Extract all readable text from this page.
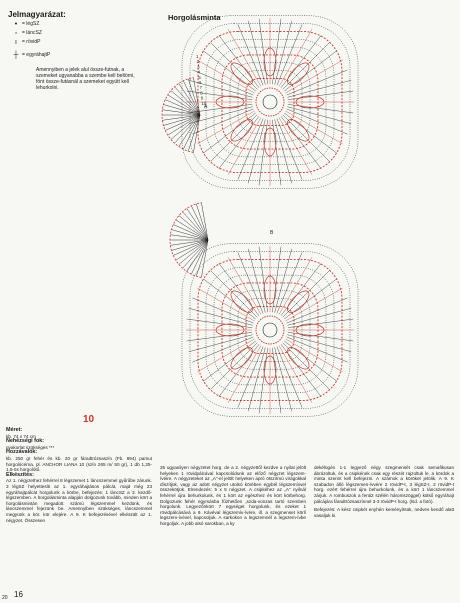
1
2
3
4
5
6
7
8
9
10
A
B
Jelmagyarázat:
• = légSZ
◦ = láncSZ
ı	= rövidP
┼ = egyráhajtP
Amennyiben a jelek alul össze-futnak, a szemeket ugyanabba a szembe kell beltörni, fönt össze-futásnál a szemeket együtt kell lehurkolni.
Horgolásminta
10
Méret:
kb. 74 x 74 cm
Nehézségi fok:
gyakorlat szükséges ***
Hozzávalók:
kb. 250 gr fehér és kb. 20 gr fáradtrózsaszín (Fb. 894) pamut horgolócérna, pl. ANCHOR LIANA 10 (szín 265 m/ 50 gr), 1 db 1,25-1,5-ös horgolótű.
Elkészítés:
Az 1. négyzethez fehérrel 8 légszemet 1 láncszemmel gyűrűbe zárunk. 3 légSZ helyettesíti az 1. egyráhajtásos pálcát, majd még 23 egyráhajtpálcát horgolunk a körbe, befejezés: 1 láncSZ a 3. kezdő-légszemben. A horgolásminta alapján dolgozunk tovább, minden kört a horgolásmintán megadott számú légszemmel kezdünk, és láncszemmel fejezünk be. Amennyiben szükséges, láncszemmel megyünk a kör. kör elejére. A 9. K befejezésével elkészült az 1. négyzet. Összesen
25 ugyanilyen négyzetet horg. de a 2. négyzettől kezdve a nyilat jelölt helyeken 1 rövidpálcával kapcsolódunk az előző négyzet légszem-ívéire. A négyzeteket az „A”-el jelölt helyeken apró ötszirmú virágokkal díszítjük, vagy az adott négyzet utolsó körében egybél légszemívvel összekötjük. Elrendezés: 5 x 5 négyzet. A csipkéhez az „A” nyilnál fehérrel újra behurkolunk, és 1 kört az egészhez és kört körbehorg. Dolgozunk fehér egymásba fűzhetően „szda-vonzas tartó szemben horgolunk. Legyezőnkört 7 egységet horgolunk, és ezeket 1 rövidpálcásává a 9. Kávéval légszemív-ívére, ill. a szegmenset körlí legszem-ívével, kapcsoljuk. A sarkokon a legszemnél a legszem-ívbe horgoljuk. A jobb alsó sarokban, a ky
dekélügén 1-1 legyező négy szegmensét csak semafikusan ábrázoltuk, és a csipkének csak egy részét rajzoltuk le, a kördok a minta szerint kell befejezni. A szárnok a köröket jelölik. A 9. K szabadon álló légszemen-ívvére 2 rövidP-t, 3 légSZ-t, 2 rövidP-t horg. ezért fehérrel újra behurkolunk, és a kört 1 láncszemmel zárjuk. A rombuszok a fenti2 szélén háromszöggel) külső egyráhajt pálcájára fáradtrózsaszínnel 3-3 rövidP-t horg. (lsd. a fotó).
Befejezés: A kész csipkét enyhén keményítsük, nedves kendő alatt vasaljuk ki.
20 16
